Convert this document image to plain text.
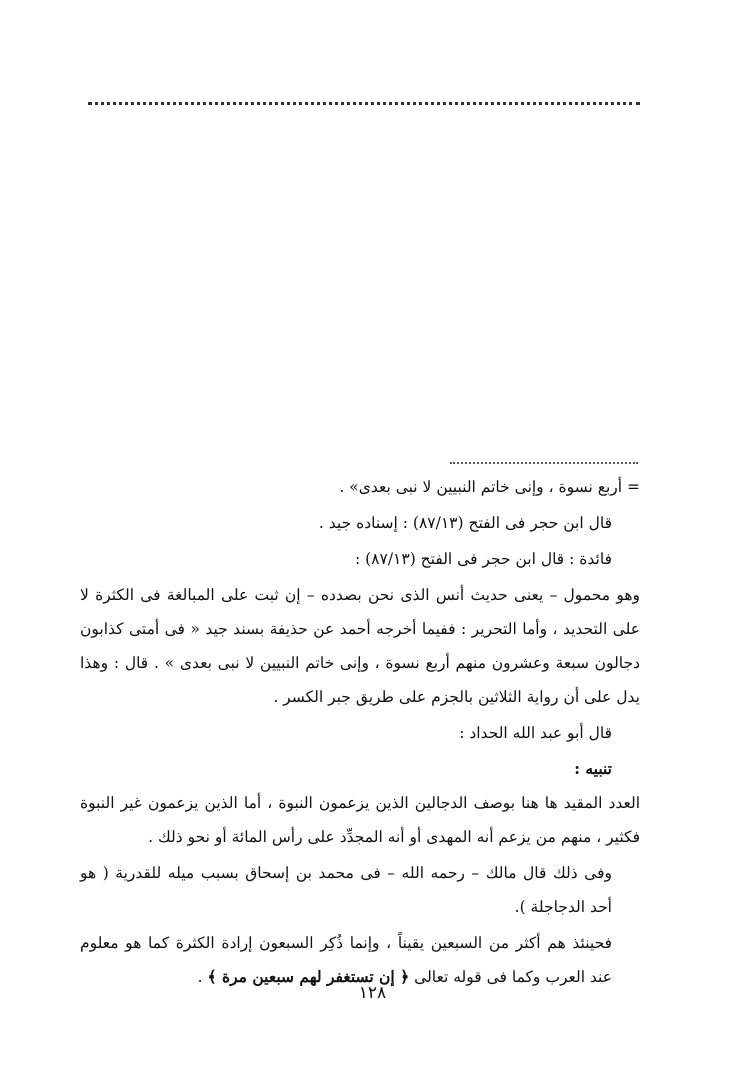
= أربع نسوة ، وإنى خاتم النبيين لا نبى بعدى» .

قال ابن حجر فى الفتح (٨٧/١٣) : إسناده جيد .

فائدة : قال ابن حجر فى الفتح (٨٧/١٣) :

وهو محمول – يعنى حديث أنس الذى نحن بصدده – إن ثبت على المبالغة فى الكثرة لا على التحديد ، وأما التحرير : ففيما أخرجه أحمد عن حذيفة بسند جيد « فى أمتى كذابون دجالون سبعة وعشرون منهم أربع نسوة ، وإنى خاتم النبيين لا نبى بعدى » . قال : وهذا يدل على أن رواية الثلاثين بالجزم على طريق جبر الكسر .

قال أبو عبد الله الحداد :

تنبيه :

العدد المقيد ها هنا بوصف الدجالين الذين يزعمون النبوة ، أما الذين يزعمون غير النبوة فكثير ، منهم من يزعم أنه المهدى أو أنه المجدِّد على رأس المائة أو نحو ذلك .

وفى ذلك قال مالك – رحمه الله – فى محمد بن إسحاق بسبب ميله للقدرية ( هو أحد الدجاجلة ).

فحينئذ هم أكثر من السبعين يقيناً ، وإنما ذُكِر السبعون إرادة الكثرة كما هو معلوم عند العرب وكما فى قوله تعالى ﴿ إن تستغفر لهم سبعين مرة ﴾ .

١٢٨
